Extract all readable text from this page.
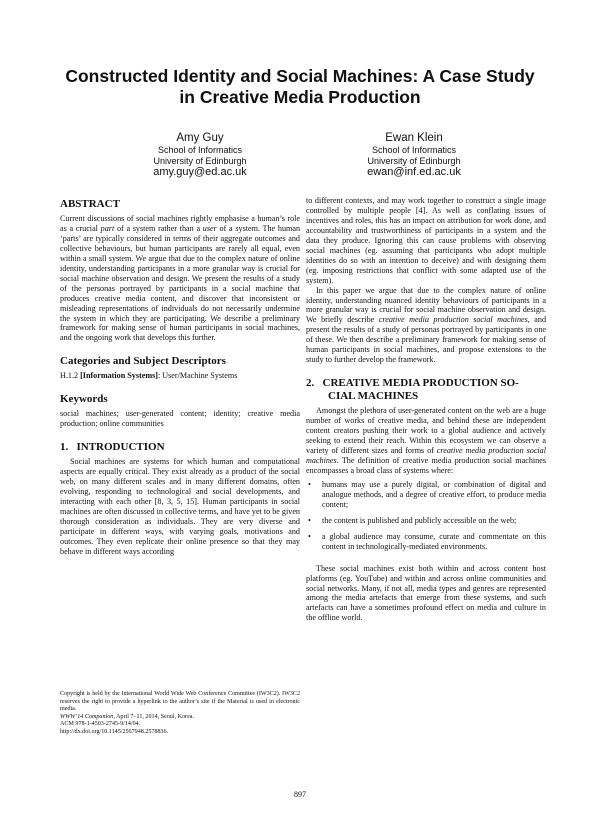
Constructed Identity and Social Machines: A Case Study
in Creative Media Production
Amy Guy
School of Informatics
University of Edinburgh
amy.guy@ed.ac.uk
Ewan Klein
School of Informatics
University of Edinburgh
ewan@inf.ed.ac.uk
ABSTRACT

Current discussions of social machines rightly emphasise a human’s role as a crucial part of a system rather than a user of a system. The human ‘parts’ are typically considered in terms of their aggregate outcomes and collective behaviours, but human participants are rarely all equal, even within a small system. We argue that due to the complex nature of online identity, understanding participants in a more granular way is crucial for social machine observation and design. We present the results of a study of the personas portrayed by participants in a social machine that produces creative media content, and discover that inconsistent or misleading representations of individuals do not necessarily undermine the system in which they are participating. We describe a preliminary framework for making sense of human participants in social machines, and the ongoing work that develops this further.

Categories and Subject Descriptors

H.1.2 [Information Systems]: User/Machine Systems

Keywords

social machines; user-generated content; identity; creative media production; online communities

1.   INTRODUCTION

Social machines are systems for which human and computational aspects are equally critical. They exist already as a product of the social web, on many different scales and in many different domains, often evolving, responding to technological and social developments, and interacting with each other [8, 3, 5, 15]. Human participants in social machines are often discussed in collective terms, and have yet to be given thorough consideration as individuals. They are very diverse and participate in different ways, with varying goals, motivations and outcomes. They even replicate their online presence so that they may behave in different ways according

to different contexts, and may work together to construct a single image controlled by multiple people [4]. As well as conflating issues of incentives and roles, this has an impact on attribution for work done, and accountability and trustworthiness of participants in a system and the data they produce. Ignoring this can cause problems with observing social machines (eg. assuming that participants who adopt multiple identities do so with an intention to deceive) and with designing them (eg. imposing restrictions that conflict with some adapted use of the system).

In this paper we argue that due to the complex nature of online identity, understanding nuanced identity behaviours of participants in a more granular way is crucial for social machine observation and design. We briefly describe creative media production social machines, and present the results of a study of personas portrayed by participants in one of these. We then describe a preliminary framework for making sense of human participants in social machines, and propose extensions to the study to further develop the framework.

2.   CREATIVE MEDIA PRODUCTION SO-
CIAL MACHINES

Amongst the plethora of user-generated content on the web are a huge number of works of creative media, and behind these are independent content creators pushing their work to a global audience and actively seeking to extend their reach. Within this ecosystem we can observe a variety of different sizes and forms of creative media production social machines. The definition of creative media production social machines encompasses a broad class of systems where:

• humans may use a purely digital, or combination of digital and analogue methods, and a degree of creative effort, to produce media content;
• the content is published and publicly accessible on the web;
• a global audience may consume, curate and commentate on this content in technologically-mediated environments.

These social machines exist both within and across content host platforms (eg. YouTube) and within and across online communities and social networks. Many, if not all, media types and genres are represented among the media artefacts that emerge from these systems, and such artefacts can have a sometimes profound effect on media and culture in the offline world.

Copyright is held by the International World Wide Web Conference Committee (IW3C2). IW3C2 reserves the right to provide a hyperlink to the author’s site if the Material is used in electronic media.
WWW’14 Companion, April 7–11, 2014, Seoul, Korea.
ACM 978-1-4503-2745-9/14/04.
http://dx.doi.org/10.1145/2567948.2578836.
897
